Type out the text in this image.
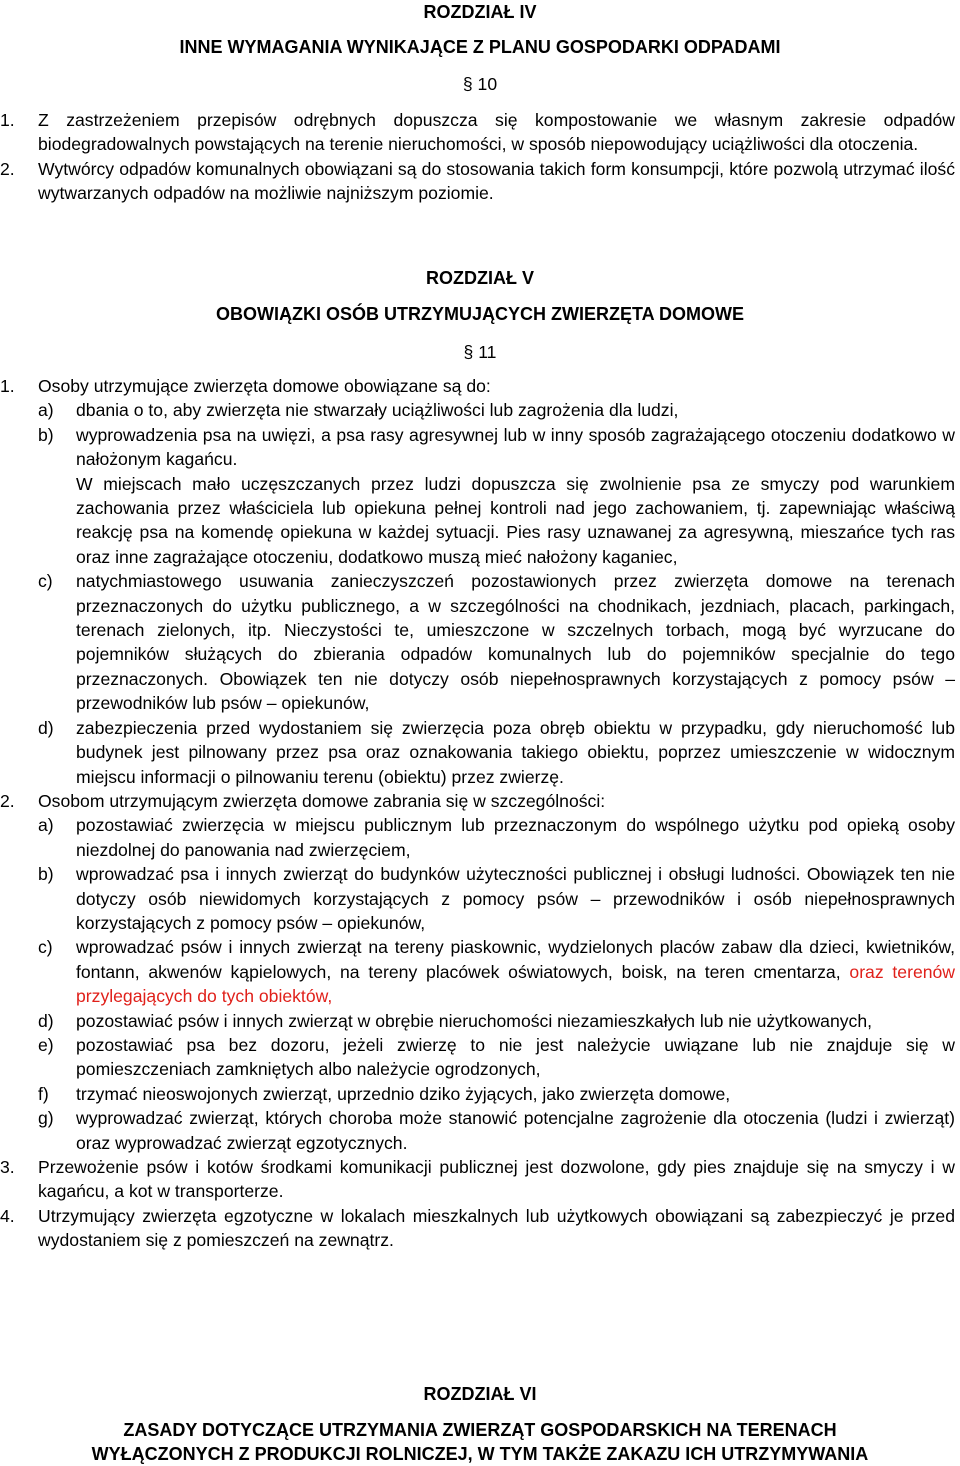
ROZDZIAŁ IV
INNE WYMAGANIA WYNIKAJĄCE Z PLANU GOSPODARKI ODPADAMI
§ 10
1. Z zastrzeżeniem przepisów odrębnych dopuszcza się kompostowanie we własnym zakresie odpadów biodegradowalnych powstających na terenie nieruchomości, w sposób niepowodujący uciążliwości dla otoczenia.
2. Wytwórcy odpadów komunalnych obowiązani są do stosowania takich form konsumpcji, które pozwolą utrzymać ilość wytwarzanych odpadów na możliwie najniższym poziomie.
ROZDZIAŁ V
OBOWIĄZKI OSÓB UTRZYMUJĄCYCH ZWIERZĘTA DOMOWE
§ 11
1. Osoby utrzymujące zwierzęta domowe obowiązane są do:
a) dbania o to, aby zwierzęta nie stwarzały uciążliwości lub zagrożenia dla ludzi,
b) wyprowadzenia psa na uwięzi, a psa rasy agresywnej lub w inny sposób zagrażającego otoczeniu dodatkowo w nałożonym kagańcu.
W miejscach mało uczęszczanych przez ludzi dopuszcza się zwolnienie psa ze smyczy pod warunkiem zachowania przez właściciela lub opiekuna pełnej kontroli nad jego zachowaniem, tj. zapewniając właściwą reakcję psa na komendę opiekuna w każdej sytuacji. Pies rasy uznawanej za agresywną, mieszańce tych ras oraz inne zagrażające otoczeniu, dodatkowo muszą mieć nałożony kaganiec,
c) natychmiastowego usuwania zanieczyszczeń pozostawionych przez zwierzęta domowe na terenach przeznaczonych do użytku publicznego, a w szczególności na chodnikach, jezdniach, placach, parkingach, terenach zielonych, itp. Nieczystości te, umieszczone w szczelnych torbach, mogą być wyrzucane do pojemników służących do zbierania odpadów komunalnych lub do pojemników specjalnie do tego przeznaczonych. Obowiązek ten nie dotyczy osób niepełnosprawnych korzystających z pomocy psów – przewodników lub psów – opiekunów,
d) zabezpieczenia przed wydostaniem się zwierzęcia poza obręb obiektu w przypadku, gdy nieruchomość lub budynek jest pilnowany przez psa oraz oznakowania takiego obiektu, poprzez umieszczenie w widocznym miejscu informacji o pilnowaniu terenu (obiektu) przez zwierzę.
2. Osobom utrzymującym zwierzęta domowe zabrania się w szczególności:
a) pozostawiać zwierzęcia w miejscu publicznym lub przeznaczonym do wspólnego użytku pod opieką osoby niezdolnej do panowania nad zwierzęciem,
b) wprowadzać psa i innych zwierząt do budynków użyteczności publicznej i obsługi ludności. Obowiązek ten nie dotyczy osób niewidomych korzystających z pomocy psów – przewodników i osób niepełnosprawnych korzystających z pomocy psów – opiekunów,
c) wprowadzać psów i innych zwierząt na tereny piaskownic, wydzielonych placów zabaw dla dzieci, kwietników, fontann, akwenów kąpielowych, na tereny placówek oświatowych, boisk, na teren cmentarza, oraz terenów przylegających do tych obiektów,
d) pozostawiać psów i innych zwierząt w obrębie nieruchomości niezamieszkałych lub nie użytkowanych,
e) pozostawiać psa bez dozoru, jeżeli zwierzę to nie jest należycie uwiązane lub nie znajduje się w pomieszczeniach zamkniętych albo należycie ogrodzonych,
f) trzymać nieoswojonych zwierząt, uprzednio dziko żyjących, jako zwierzęta domowe,
g) wyprowadzać zwierząt, których choroba może stanowić potencjalne zagrożenie dla otoczenia (ludzi i zwierząt) oraz wyprowadzać zwierząt egzotycznych.
3. Przewożenie psów i kotów środkami komunikacji publicznej jest dozwolone, gdy pies znajduje się na smyczy i w kagańcu, a kot w transporterze.
4. Utrzymujący zwierzęta egzotyczne w lokalach mieszkalnych lub użytkowych obowiązani są zabezpieczyć je przed wydostaniem się z pomieszczeń na zewnątrz.
ROZDZIAŁ VI
ZASADY DOTYCZĄCE UTRZYMANIA ZWIERZĄT GOSPODARSKICH NA TERENACH
WYŁĄCZONYCH Z PRODUKCJI ROLNICZEJ, W TYM TAKŻE ZAKAZU ICH UTRZYMYWANIA
